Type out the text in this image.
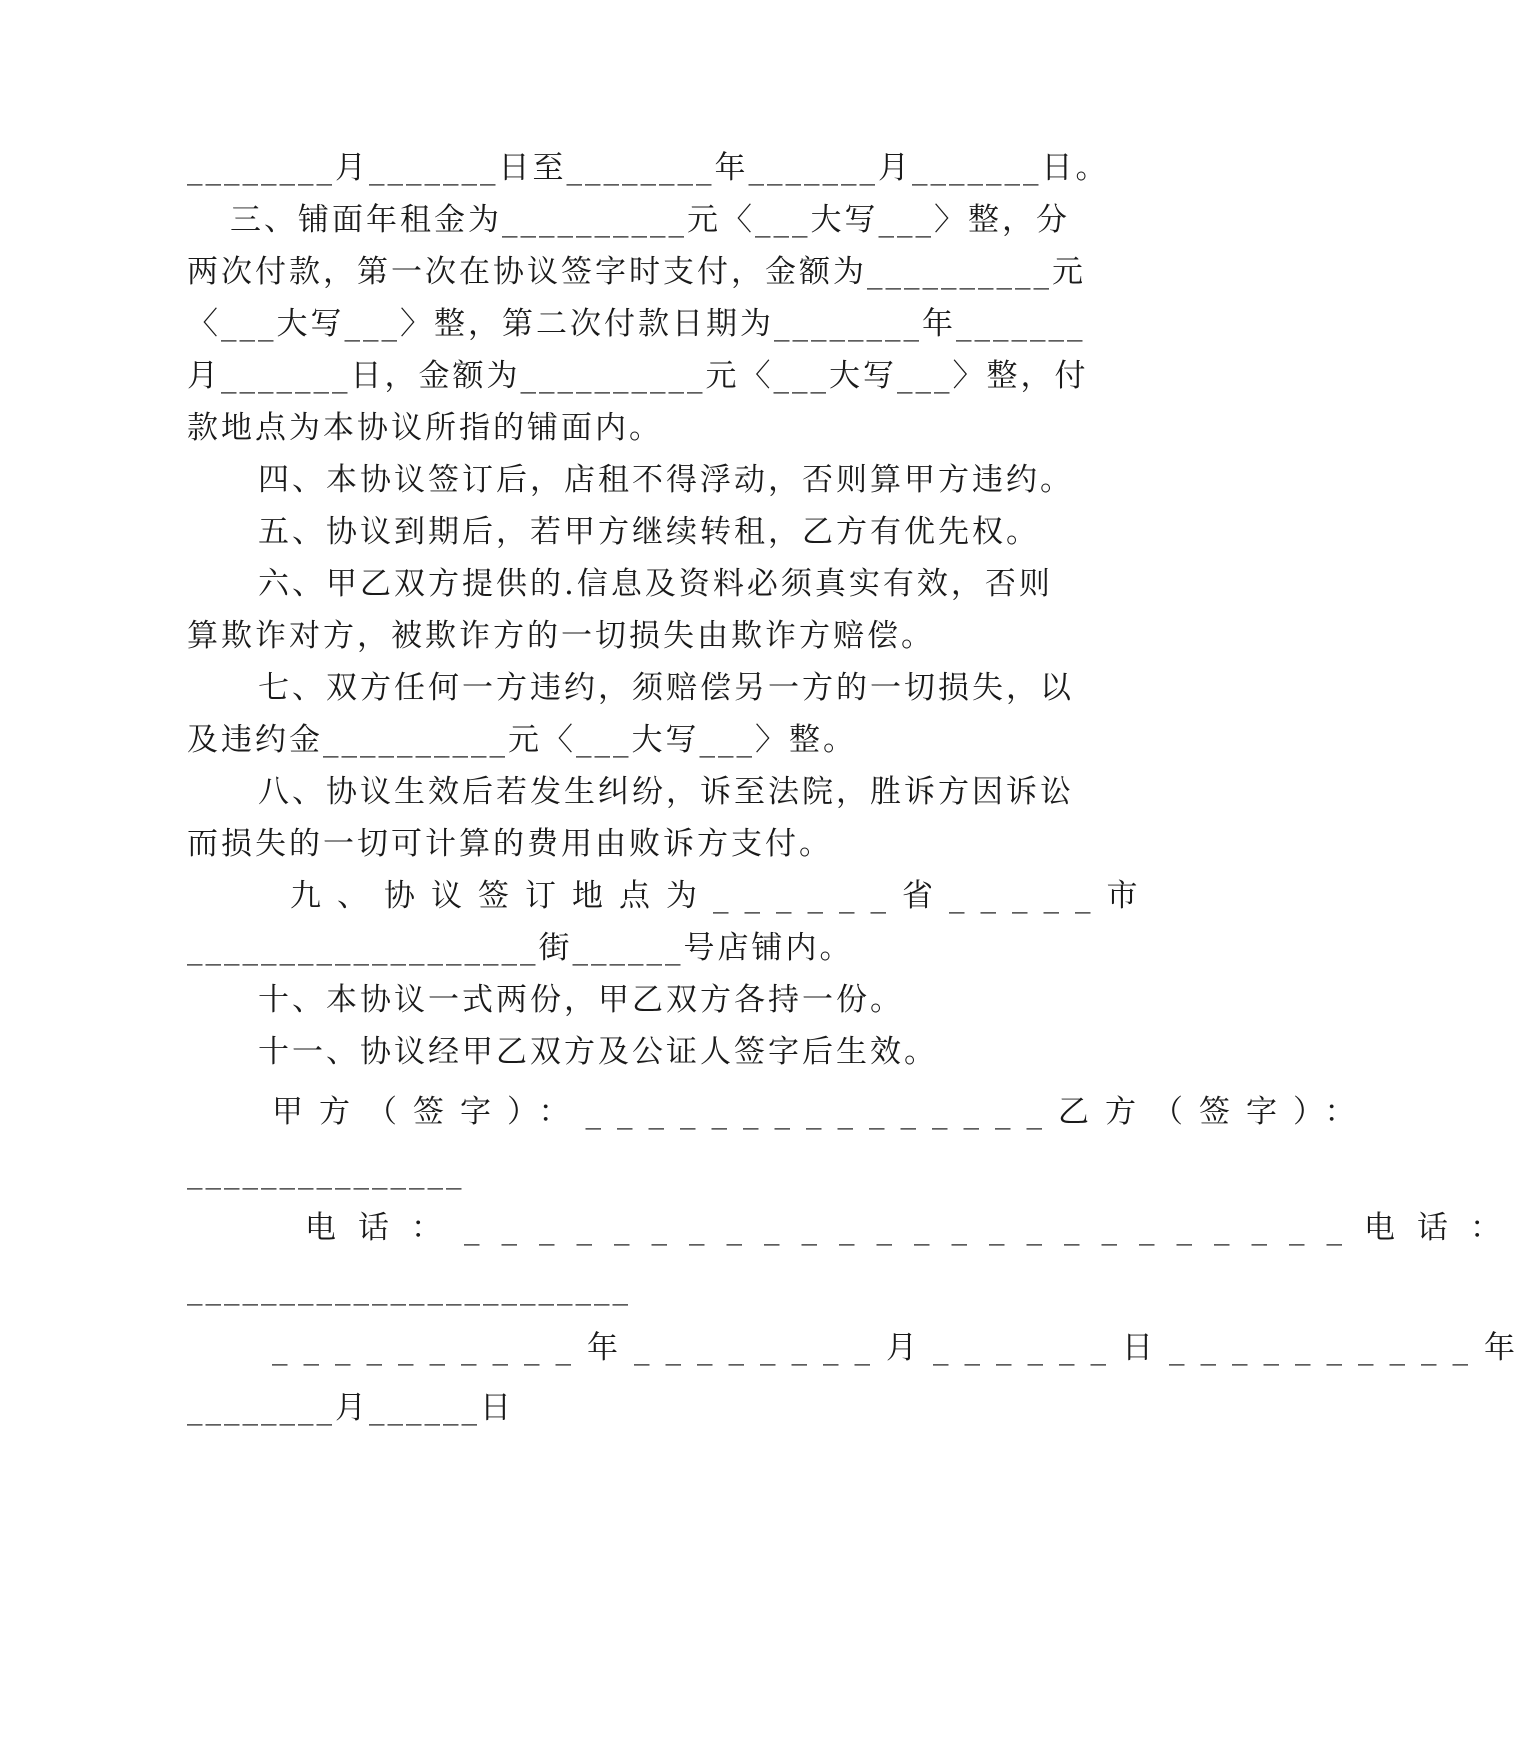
________月_______日至________年_______月_______日。
三、铺面年租金为__________元〈___大写___〉整，分
两次付款，第一次在协议签字时支付，金额为__________元
〈___大写___〉整，第二次付款日期为________年_______
月_______日，金额为__________元〈___大写___〉整，付
款地点为本协议所指的铺面内。
四、本协议签订后，店租不得浮动，否则算甲方违约。
五、协议到期后，若甲方继续转租，乙方有优先权。
六、甲乙双方提供的.信息及资料必须真实有效，否则
算欺诈对方，被欺诈方的一切损失由欺诈方赔偿。
七、双方任何一方违约，须赔偿另一方的一切损失，以
及违约金__________元〈___大写___〉整。
八、协议生效后若发生纠纷，诉至法院，胜诉方因诉讼
而损失的一切可计算的费用由败诉方支付。
九、协议签订地点为______省_____市
___________________街______号店铺内。
十、本协议一式两份，甲乙双方各持一份。
十一、协议经甲乙双方及公证人签字后生效。
甲方（签字）：_______________乙方（签字）：
_______________
电话：________________________电话：
________________________
__________年________月______日__________年
________月______日
